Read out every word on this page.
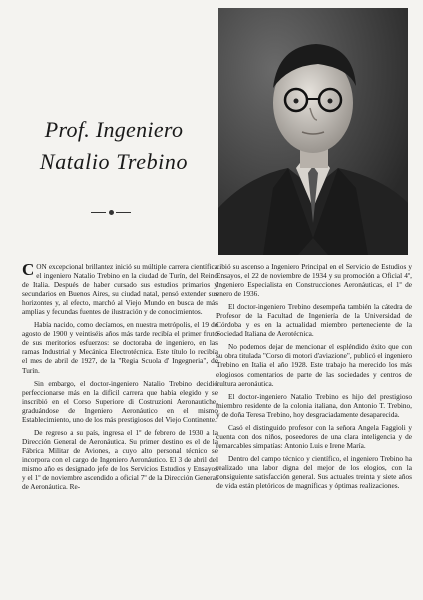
Prof. Ingeniero
Natalio Trebino

CON excepcional brillantez inició su múltiple carrera científica el ingeniero Natalio Trebino en la ciudad de Turín, del Reino de Italia. Después de haber cursado sus estudios primarios y secundarios en Buenos Aires, su ciudad natal, pensó extender sus horizontes y, al efecto, marchó al Viejo Mundo en busca de más amplias y fecundas fuentes de ilustración y de conocimientos.

Había nacido, como decíamos, en nuestra metrópolis, el 19 de agosto de 1900 y veintiséis años más tarde recibía el primer fruto de sus meritorios esfuerzos: se doctoraba de ingeniero, en las ramas Industrial y Mecánica Electrotécnica. Este título lo recibía el mes de abril de 1927, de la "Regia Scuola d' Ingegneria", de Turín.

Sin embargo, el doctor-ingeniero Natalio Trebino decidió perfeccionarse más en la difícil carrera que había elegido y se inscribió en el Corso Superiore di Costruzioni Aeronautiche, graduándose de Ingeniero Aeronáutico en el mismo Establecimiento, uno de los más prestigiosos del Viejo Continente.

De regreso a su país, ingresa el 1º de febrero de 1930 a la Dirección General de Aeronáutica. Su primer destino es el de la Fábrica Militar de Aviones, a cuyo alto personal técnico se incorpora con el cargo de Ingeniero Aeronáutico. El 3 de abril del mismo año es designado jefe de los Servicios Estudios y Ensayos y el 1º de noviembre ascendido a oficial 7º de la Dirección General de Aeronáutica. Re-

cibió su ascenso a Ingeniero Principal en el Servicio de Estudios y Ensayos, el 22 de noviembre de 1934 y su promoción a Oficial 4º, Ingeniero Especialista en Construcciones Aeronáuticas, el 1º de enero de 1936.

El doctor-ingeniero Trebino desempeña también la cátedra de Profesor de la Facultad de Ingeniería de la Universidad de Córdoba y es en la actualidad miembro perteneciente de la Sociedad Italiana de Aerotécnica.

No podemos dejar de mencionar el espléndido éxito que con su obra titulada "Corso di motori d'aviazione", publicó el ingeniero Trebino en Italia el año 1928. Este trabajo ha merecido los más elogiosos comentarios de parte de las sociedades y centros de cultura aeronáutica.

El doctor-ingeniero Natalio Trebino es hijo del prestigioso miembro residente de la colonia italiana, don Antonio T. Trebino, y de doña Teresa Trebino, hoy desgraciadamente desaparecida.

Casó el distinguido profesor con la señora Angela Faggioli y cuenta con dos niños, poseedores de una clara inteligencia y de remarcables simpatías: Antonio Luis e Irene María.

Dentro del campo técnico y científico, el ingeniero Trebino ha realizado una labor digna del mejor de los elogios, con la consiguiente satisfacción general. Sus actuales treinta y siete años de vida están pletóricos de magníficas y óptimas realizaciones.
